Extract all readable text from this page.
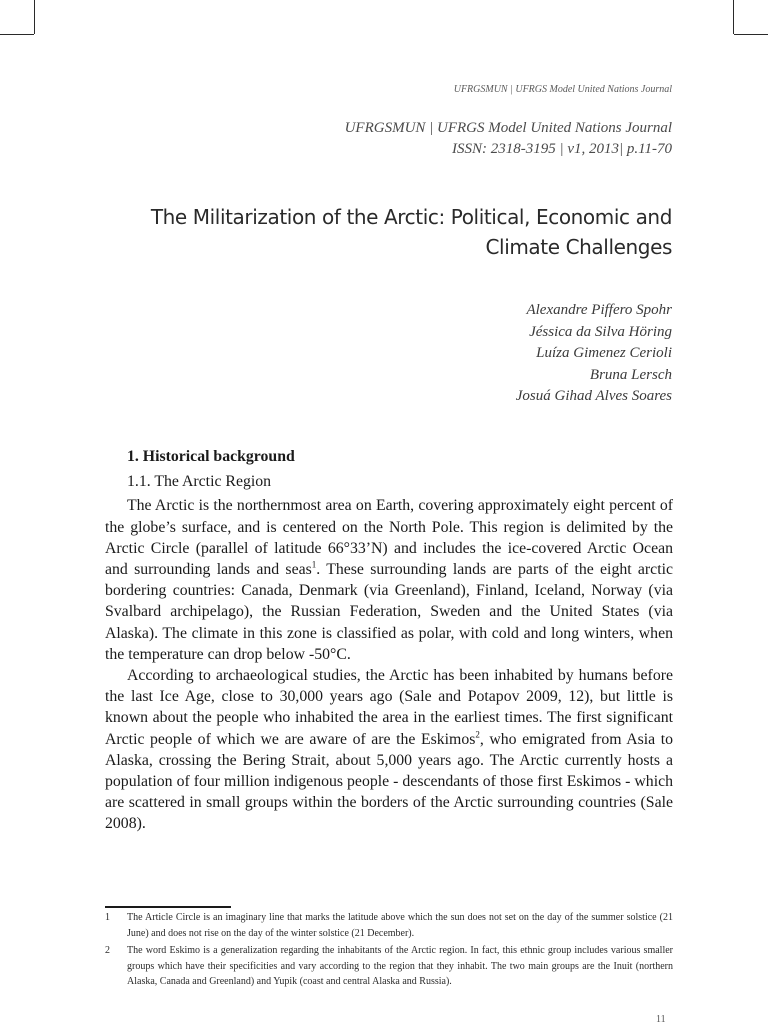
UFRGSMUN | UFRGS Model United Nations Journal
UFRGSMUN | UFRGS Model United Nations Journal
ISSN: 2318-3195 | v1, 2013| p.11-70
The Militarization of the Arctic: Political, Economic and
Climate Challenges
Alexandre Piffero Spohr
Jéssica da Silva Höring
Luíza Gimenez Cerioli
Bruna Lersch
Josuá Gihad Alves Soares
1. Historical background
1.1. The Arctic Region

The Arctic is the northernmost area on Earth, covering approximately eight percent of the globe’s surface, and is centered on the North Pole. This region is delimited by the Arctic Circle (parallel of latitude 66°33’N) and includes the ice-covered Arctic Ocean and surrounding lands and seas$^1$. These surrounding lands are parts of the eight arctic bordering countries: Canada, Denmark (via Greenland), Finland, Iceland, Norway (via Svalbard archipelago), the Russian Federation, Sweden and the United States (via Alaska). The climate in this zone is classified as polar, with cold and long winters, when the temperature can drop below -50°C.

According to archaeological studies, the Arctic has been inhabited by humans before the last Ice Age, close to 30,000 years ago (Sale and Potapov 2009, 12), but little is known about the people who inhabited the area in the earliest times. The first significant Arctic people of which we are aware of are the Eskimos$^2$, who emigrated from Asia to Alaska, crossing the Bering Strait, about 5,000 years ago. The Arctic currently hosts a population of four million indigenous people - descendants of those first Eskimos - which are scattered in small groups within the borders of the Arctic surrounding countries (Sale 2008).

1	The Article Circle is an imaginary line that marks the latitude above which the sun does not set on the day of the summer solstice (21 June) and does not rise on the day of the winter solstice (21 December).
2	The word Eskimo is a generalization regarding the inhabitants of the Arctic region. In fact, this ethnic group includes various smaller groups which have their specificities and vary according to the region that they inhabit. The two main groups are the Inuit (northern Alaska, Canada and Greenland) and Yupik (coast and central Alaska and Russia).
11
